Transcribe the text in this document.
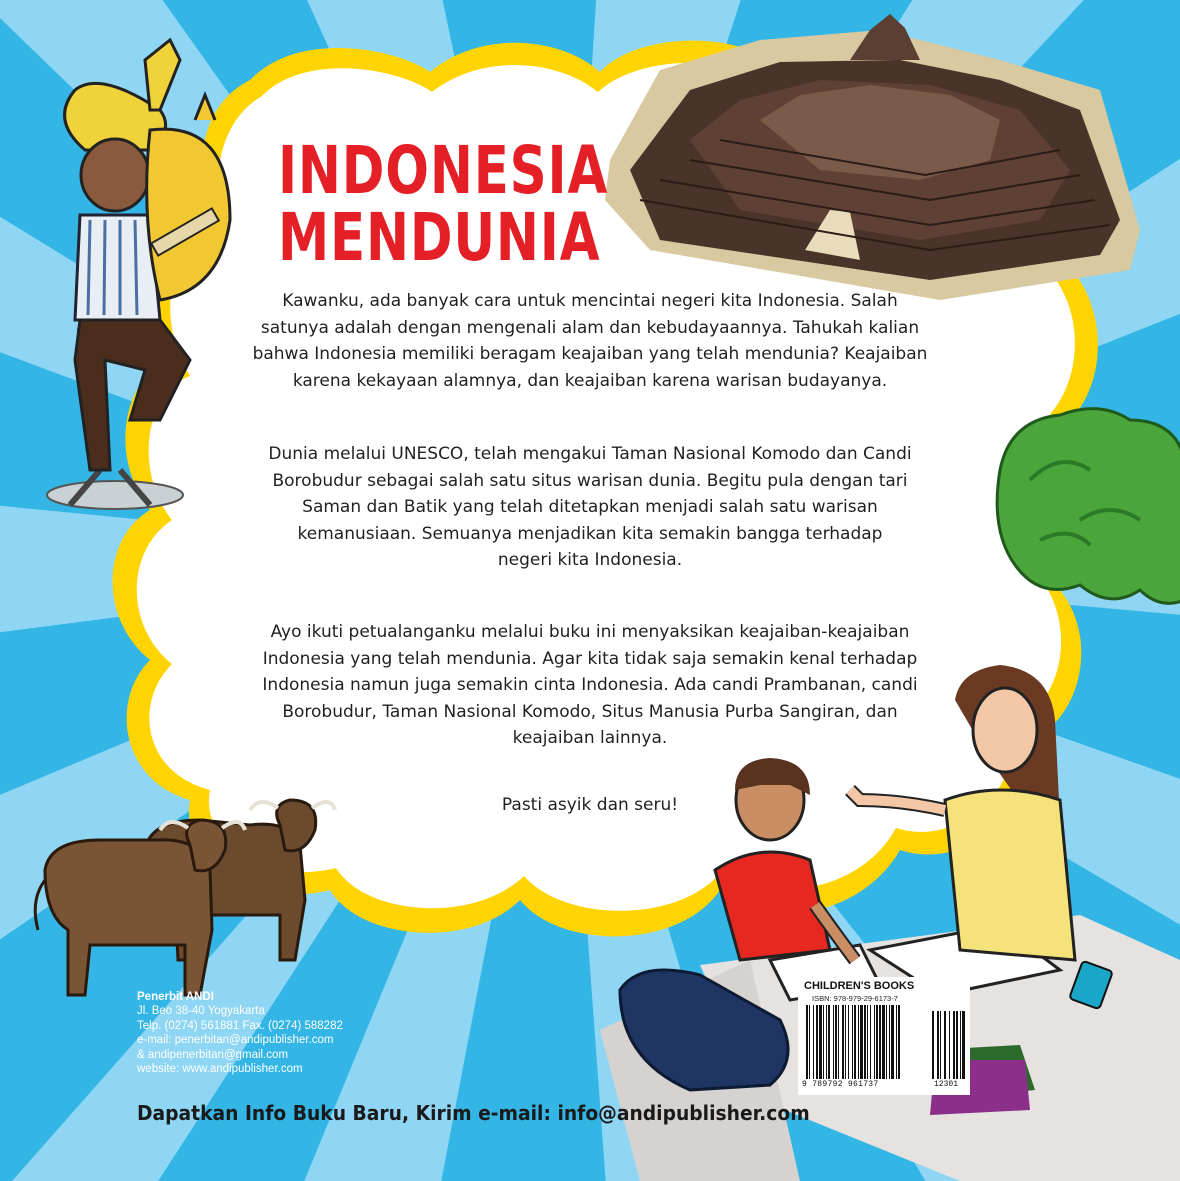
INDONESIA
MENDUNIA
Kawanku, ada banyak cara untuk mencintai negeri kita Indonesia. Salah
satunya adalah dengan mengenali alam dan kebudayaannya. Tahukah kalian
bahwa Indonesia memiliki beragam keajaiban yang telah mendunia? Keajaiban
karena kekayaan alamnya, dan keajaiban karena warisan budayanya.
Dunia melalui UNESCO, telah mengakui Taman Nasional Komodo dan Candi
Borobudur sebagai salah satu situs warisan dunia. Begitu pula dengan tari
Saman dan Batik yang telah ditetapkan menjadi salah satu warisan
kemanusiaan. Semuanya menjadikan kita semakin bangga terhadap
negeri kita Indonesia.
Ayo ikuti petualanganku melalui buku ini menyaksikan keajaiban-keajaiban
Indonesia yang telah mendunia. Agar kita tidak saja semakin kenal terhadap
Indonesia namun juga semakin cinta Indonesia. Ada candi Prambanan, candi
Borobudur, Taman Nasional Komodo, Situs Manusia Purba Sangiran, dan
keajaiban lainnya.
Pasti asyik dan seru!
Penerbit ANDI
Jl. Beo 38-40 Yogyakarta
Telp. (0274) 561881 Fax. (0274) 588282
e-mail: penerbitan@andipublisher.com
& andipenerbitan@gmail.com
website: www.andipublisher.com
CHILDREN'S BOOKS
ISBN: 978-979-29-6173-7
9 789792 961737	12301
Dapatkan Info Buku Baru, Kirim e-mail: info@andipublisher.com
